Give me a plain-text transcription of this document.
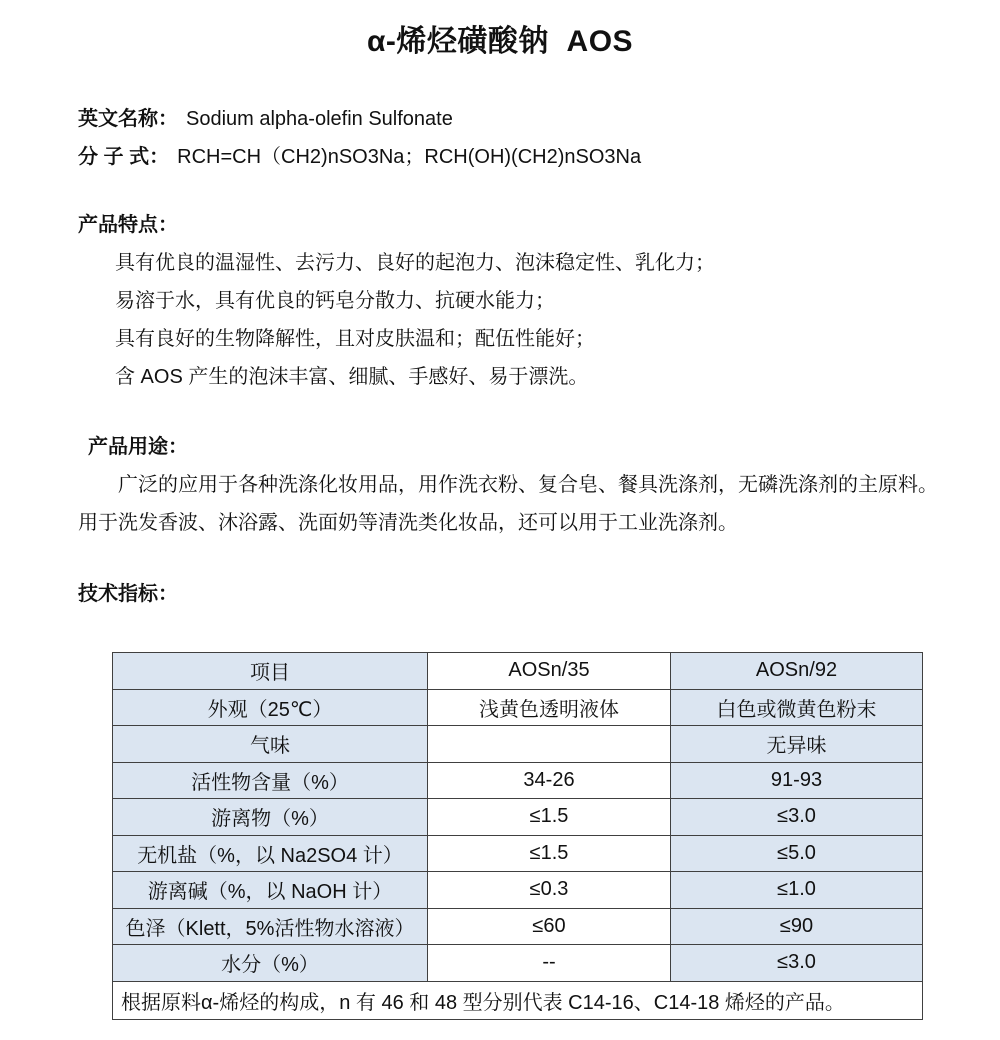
α-烯烃磺酸钠  AOS
英文名称： Sodium alpha-olefin Sulfonate
分 子 式： RCH=CH（CH2)nSO3Na；RCH(OH)(CH2)nSO3Na
产品特点：
具有优良的温湿性、去污力、良好的起泡力、泡沫稳定性、乳化力；
易溶于水，具有优良的钙皂分散力、抗硬水能力；
具有良好的生物降解性，且对皮肤温和；配伍性能好；
含 AOS 产生的泡沫丰富、细腻、手感好、易于漂洗。
产品用途：
广泛的应用于各种洗涤化妆用品，用作洗衣粉、复合皂、餐具洗涤剂，无磷洗涤剂的主原料。
用于洗发香波、沐浴露、洗面奶等清洗类化妆品，还可以用于工业洗涤剂。
技术指标：
项目	AOSn/35	AOSn/92
外观（25℃）	浅黄色透明液体	白色或微黄色粉末
气味		无异味
活性物含量（%）	34-26	91-93
游离物（%）	≤1.5	≤3.0
无机盐（%，以 Na2SO4 计）	≤1.5	≤5.0
游离碱（%，以 NaOH 计）	≤0.3	≤1.0
色泽（Klett，5%活性物水溶液）	≤60	≤90
水分（%）	--	≤3.0
根据原料α-烯烃的构成，n 有 46 和 48 型分别代表 C14-16、C14-18 烯烃的产品。		
